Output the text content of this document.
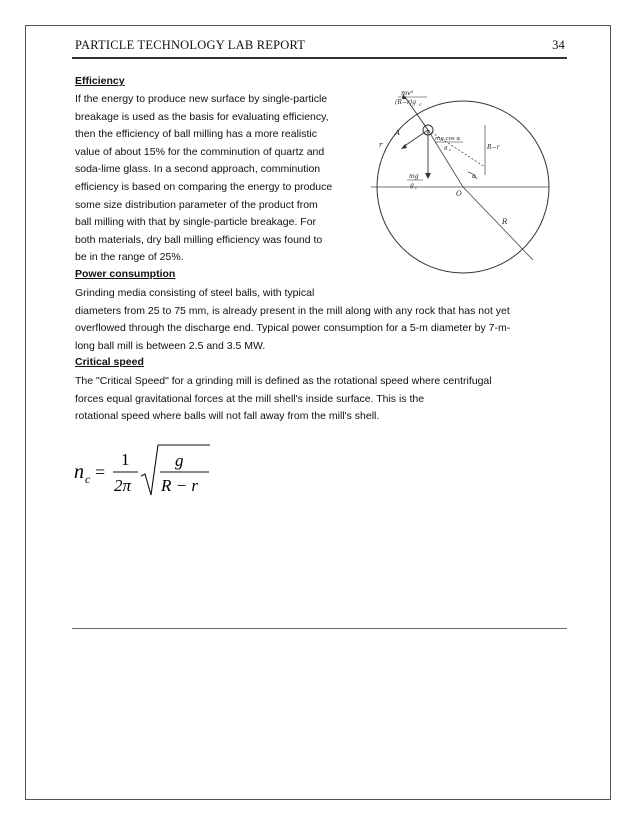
PARTICLE TECHNOLOGY LAB REPORT	34
Efficiency
If the energy to produce new surface by single-particle
breakage is used as the basis for evaluating efficiency,
then the efficiency of ball milling has a more realistic
value of about 15% for the comminution of quartz and
soda-lime glass. In a second approach, comminution
efficiency is based on comparing the energy to produce
some size distribution parameter of the product from
ball milling with that by single-particle breakage. For
both materials, dry ball milling efficiency was found to
be in the range of 25%.
Power consumption
Grinding media consisting of steel balls, with typical
diameters from 25 to 75 mm, is already present in the mill along with any rock that has not yet
overflowed through the discharge end. Typical power consumption for a 5-m diameter by 7-m-
long ball mill is between 2.5 and 3.5 MW.
Critical speed
The "Critical Speed" for a grinding mill is defined as the rotational speed where centrifugal
forces equal gravitational forces at the mill shell's inside surface. This is the
rotational speed where balls will not fall away from the mill's shell.
mv²
(R−r)g c
A
r
mg.cos α
g c	R−r
mg
g c
α
O
R
n c =
1
2π
g
R − r
